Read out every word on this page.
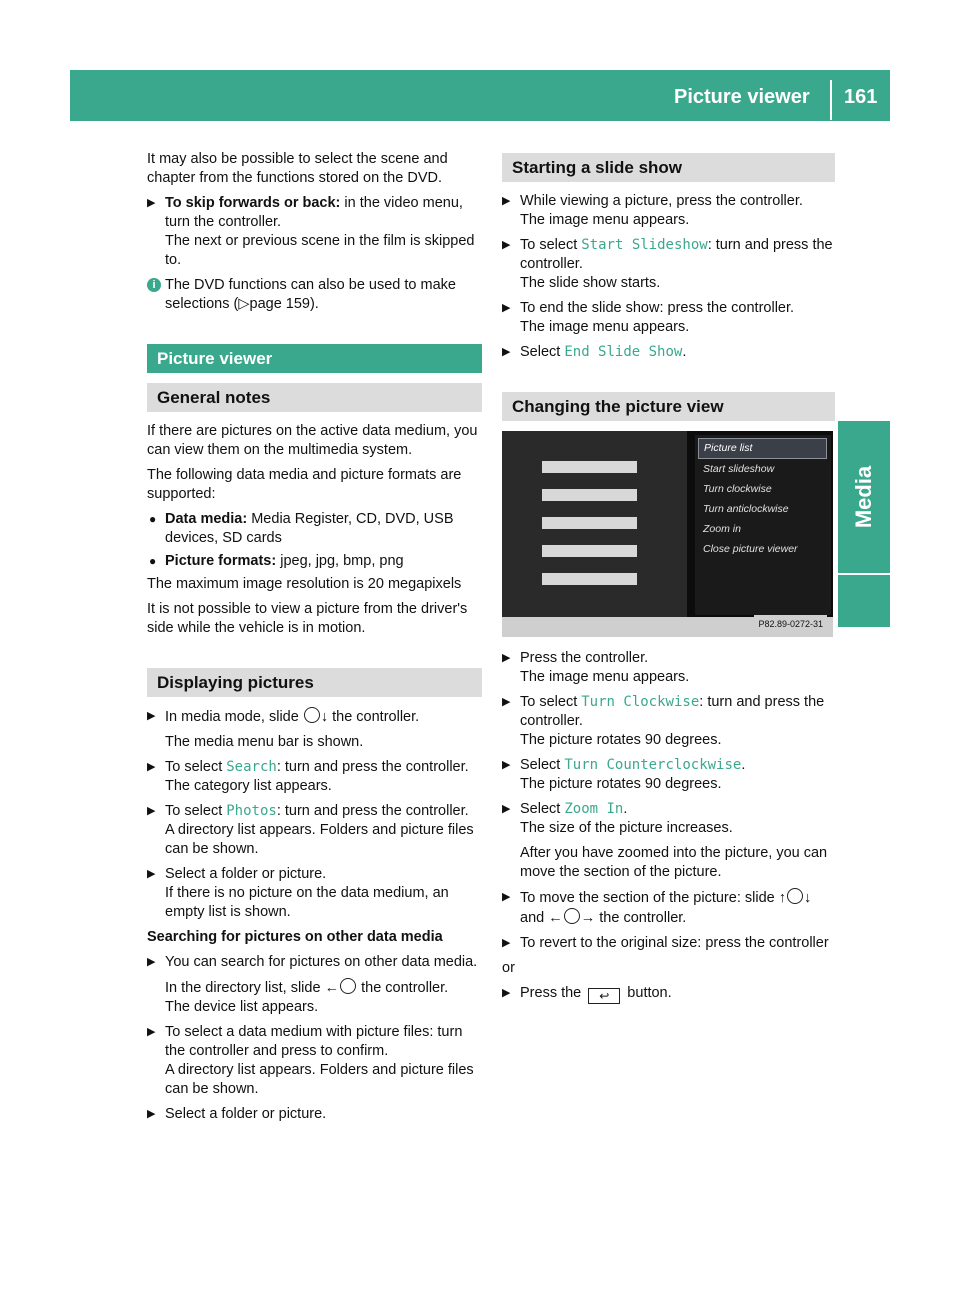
Picture viewer 161
Media

It may also be possible to select the scene and chapter from the functions stored on the DVD.

▶ To skip forwards or back: in the video menu, turn the controller.
The next or previous scene in the film is skipped to.
i The DVD functions can also be used to make selections (▷page 159).
Picture viewer
General notes

If there are pictures on the active data medium, you can view them on the multimedia system.

The following data media and picture formats are supported:

● Data media: Media Register, CD, DVD, USB devices, SD cards
● Picture formats: jpeg, jpg, bmp, png

The maximum image resolution is 20 megapixels

It is not possible to view a picture from the driver's side while the vehicle is in motion.

Displaying pictures
▶ In media mode, slide ↓ the controller.

The media menu bar is shown.

▶ To select Search: turn and press the controller.
The category list appears.
▶ To select Photos: turn and press the controller.
A directory list appears. Folders and picture files can be shown.
▶ Select a folder or picture.
If there is no picture on the data medium, an empty list is shown.
Searching for pictures on other data media
▶ You can search for pictures on other data media.

In the directory list, slide ← the controller.

The device list appears.

▶ To select a data medium with picture files: turn the controller and press to confirm.
A directory list appears. Folders and picture files can be shown.
▶ Select a folder or picture.
Starting a slide show
▶ While viewing a picture, press the controller.
The image menu appears.
▶ To select Start Slideshow: turn and press the controller.
The slide show starts.
▶ To end the slide show: press the controller.
The image menu appears.
▶ Select End Slide Show.
Changing the picture view
Picture list
Start slideshow
Turn clockwise
Turn anticlockwise
Zoom in
Close picture viewer
P82.89-0272-31
▶ Press the controller.
The image menu appears.
▶ To select Turn Clockwise: turn and press the controller.
The picture rotates 90 degrees.
▶ Select Turn Counterclockwise.
The picture rotates 90 degrees.
▶ Select Zoom In.
The size of the picture increases.

After you have zoomed into the picture, you can move the section of the picture.

▶ To move the section of the picture: slide ↑ ↓ and ← → the controller.
▶ To revert to the original size: press the controller

or

▶ Press the ↩ button.
